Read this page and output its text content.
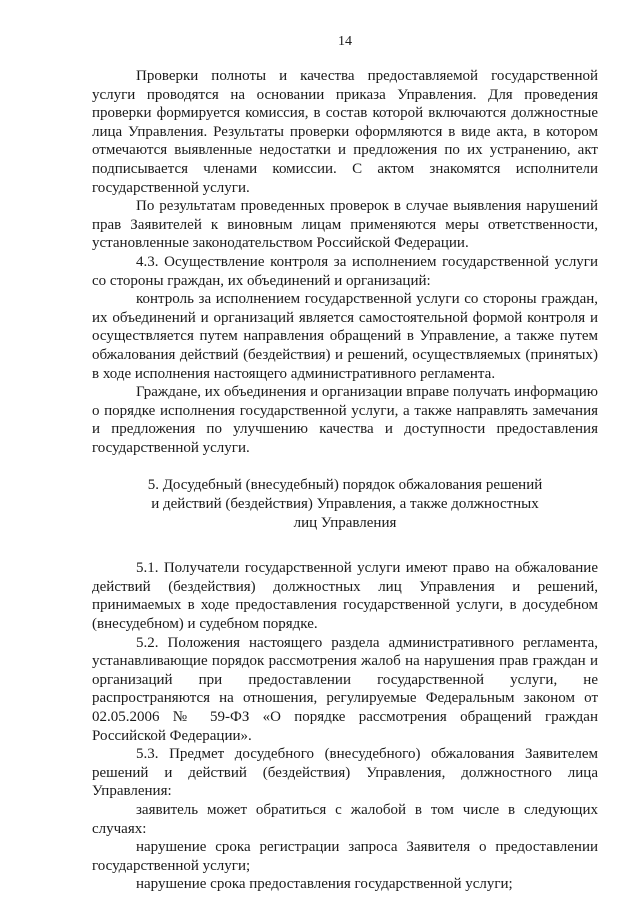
14

Проверки полноты и качества предоставляемой государственной услуги проводятся на основании приказа Управления. Для проведения проверки формируется комиссия, в состав которой включаются должностные лица Управления. Результаты проверки оформляются в виде акта, в котором отмечаются выявленные недостатки и предложения по их устранению, акт подписывается членами комиссии. С актом знакомятся исполнители государственной услуги.

По результатам проведенных проверок в случае выявления нарушений прав Заявителей к виновным лицам применяются меры ответственности, установленные законодательством Российской Федерации.

4.3. Осуществление контроля за исполнением государственной услуги со стороны граждан, их объединений и организаций:

контроль за исполнением государственной услуги со стороны граждан, их объединений и организаций является самостоятельной формой контроля и осуществляется путем направления обращений в Управление, а также путем обжалования действий (бездействия) и решений, осуществляемых (принятых) в ходе исполнения настоящего административного регламента.

Граждане, их объединения и организации вправе получать информацию о порядке исполнения государственной услуги, а также направлять замечания и предложения по улучшению качества и доступности предоставления государственной услуги.

5. Досудебный (внесудебный) порядок обжалования решений
и действий (бездействия) Управления, а также должностных
лиц Управления

5.1. Получатели государственной услуги имеют право на обжалование действий (бездействия) должностных лиц Управления и решений, принимаемых в ходе предоставления государственной услуги, в досудебном (внесудебном) и судебном порядке.

5.2. Положения настоящего раздела административного регламента, устанавливающие порядок рассмотрения жалоб на нарушения прав граждан и организаций при предоставлении государственной услуги, не распространяются на отношения, регулируемые Федеральным законом от 02.05.2006 № 59-ФЗ «О порядке рассмотрения обращений граждан Российской Федерации».

5.3. Предмет досудебного (внесудебного) обжалования Заявителем решений и действий (бездействия) Управления, должностного лица Управления:

заявитель может обратиться с жалобой в том числе в следующих случаях:

нарушение срока регистрации запроса Заявителя о предоставлении государственной услуги;

нарушение срока предоставления государственной услуги;
